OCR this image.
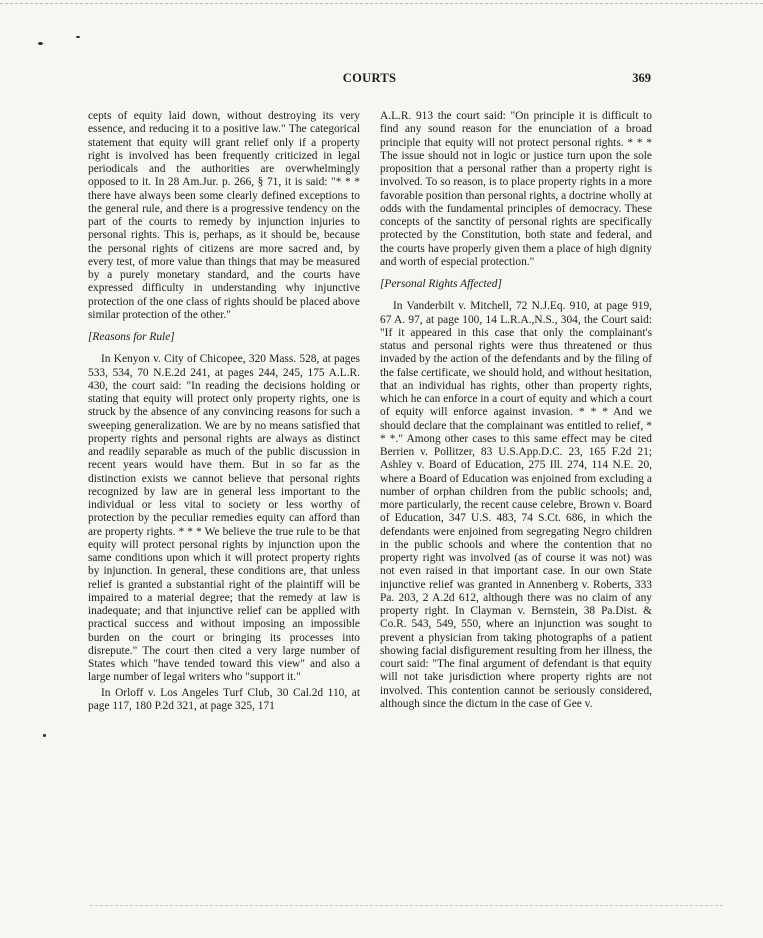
COURTS	369

cepts of equity laid down, without destroying its very essence, and reducing it to a positive law." The categorical statement that equity will grant relief only if a property right is involved has been frequently criticized in legal periodicals and the authorities are overwhelmingly opposed to it. In 28 Am.Jur. p. 266, § 71, it is said: "* * * there have always been some clearly defined exceptions to the general rule, and there is a progressive tendency on the part of the courts to remedy by injunction injuries to personal rights. This is, perhaps, as it should be, because the personal rights of citizens are more sacred and, by every test, of more value than things that may be measured by a purely monetary standard, and the courts have expressed difficulty in understanding why injunctive protection of the one class of rights should be placed above similar protection of the other."

[Reasons for Rule]

In Kenyon v. City of Chicopee, 320 Mass. 528, at pages 533, 534, 70 N.E.2d 241, at pages 244, 245, 175 A.L.R. 430, the court said: "In reading the decisions holding or stating that equity will protect only property rights, one is struck by the absence of any convincing reasons for such a sweeping generalization. We are by no means satisfied that property rights and personal rights are always as distinct and readily separable as much of the public discussion in recent years would have them. But in so far as the distinction exists we cannot believe that personal rights recognized by law are in general less important to the individual or less vital to society or less worthy of protection by the peculiar remedies equity can afford than are property rights. * * * We believe the true rule to be that equity will protect personal rights by injunction upon the same conditions upon which it will protect property rights by injunction. In general, these conditions are, that unless relief is granted a substantial right of the plaintiff will be impaired to a material degree; that the remedy at law is inadequate; and that injunctive relief can be applied with practical success and without imposing an impossible burden on the court or bringing its processes into disrepute." The court then cited a very large number of States which "have tended toward this view" and also a large number of legal writers who "support it."

In Orloff v. Los Angeles Turf Club, 30 Cal.2d 110, at page 117, 180 P.2d 321, at page 325, 171

A.L.R. 913 the court said: "On principle it is difficult to find any sound reason for the enunciation of a broad principle that equity will not protect personal rights. * * * The issue should not in logic or justice turn upon the sole proposition that a personal rather than a property right is involved. To so reason, is to place property rights in a more favorable position than personal rights, a doctrine wholly at odds with the fundamental principles of democracy. These concepts of the sanctity of personal rights are specifically protected by the Constitution, both state and federal, and the courts have properly given them a place of high dignity and worth of especial protection."

[Personal Rights Affected]

In Vanderbilt v. Mitchell, 72 N.J.Eq. 910, at page 919, 67 A. 97, at page 100, 14 L.R.A.,N.S., 304, the Court said: "If it appeared in this case that only the complainant's status and personal rights were thus threatened or thus invaded by the action of the defendants and by the filing of the false certificate, we should hold, and without hesitation, that an individual has rights, other than property rights, which he can enforce in a court of equity and which a court of equity will enforce against invasion. * * * And we should declare that the complainant was entitled to relief, * * *." Among other cases to this same effect may be cited Berrien v. Pollitzer, 83 U.S.App.D.C. 23, 165 F.2d 21; Ashley v. Board of Education, 275 Ill. 274, 114 N.E. 20, where a Board of Education was enjoined from excluding a number of orphan children from the public schools; and, more particularly, the recent cause celebre, Brown v. Board of Education, 347 U.S. 483, 74 S.Ct. 686, in which the defendants were enjoined from segregating Negro children in the public schools and where the contention that no property right was involved (as of course it was not) was not even raised in that important case. In our own State injunctive relief was granted in Annenberg v. Roberts, 333 Pa. 203, 2 A.2d 612, although there was no claim of any property right. In Clayman v. Bernstein, 38 Pa.Dist. & Co.R. 543, 549, 550, where an injunction was sought to prevent a physician from taking photographs of a patient showing facial disfigurement resulting from her illness, the court said: "The final argument of defendant is that equity will not take jurisdiction where property rights are not involved. This contention cannot be seriously considered, although since the dictum in the case of Gee v.
